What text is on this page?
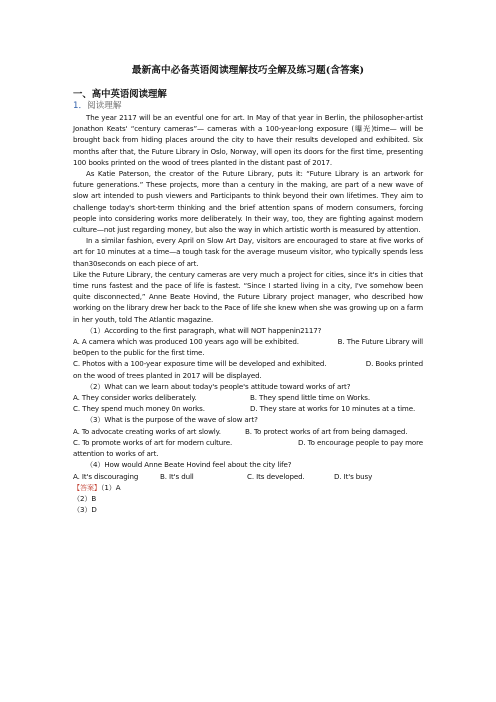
最新高中必备英语阅读理解技巧全解及练习题(含答案)
一、高中英语阅读理解
1．阅读理解

The year 2117 will be an eventful one for art. In May of that year in Berlin, the philosopher-artist Jonathon Keats' “century cameras”— cameras with a 100-year-long exposure (曝光)time— will be brought back from hiding places around the city to have their results developed and exhibited. Six months after that, the Future Library in Oslo, Norway, will open its doors for the first time, presenting 100 books printed on the wood of trees planted in the distant past of 2017.

As Katie Paterson, the creator of the Future Library, puts it: “Future Library is an artwork for future generations.” These projects, more than a century in the making, are part of a new wave of slow art intended to push viewers and Participants to think beyond their own lifetimes. They aim to challenge today's short-term thinking and the brief attention spans of modern consumers, forcing people into considering works more deliberately. In their way, too, they are fighting against modern culture—not just regarding money, but also the way in which artistic worth is measured by attention.

In a similar fashion, every April on Slow Art Day, visitors are encouraged to stare at five works of art for 10 minutes at a time—a tough task for the average museum visitor, who typically spends less than30seconds on each piece of art.

Like the Future Library, the century cameras are very much a project for cities, since it's in cities that time runs fastest and the pace of life is fastest. “Since I started living in a city, I've somehow been quite disconnected,” Anne Beate Hovind, the Future Library project manager, who described how working on the library drew her back to the Pace of life she knew when she was growing up on a farm in her youth, told The Atlantic magazine.

（1）According to the first paragraph, what will NOT happenin2117?

A. A camera which was produced 100 years ago will be exhibited.	B. The Future Library will

be0pen to the public for the first time.

C. Photos with a 100-year exposure time will be developed and exhibited.	D. Books printed

on the wood of trees planted in 2017 will be displayed.

（2）What can we learn about today's people's attitude toward works of art?

A. They consider works deliberately.	B. They spend little time on Works.
C. They spend much money 0n works.	D. They stare at works for 10 minutes at a time.

（3）What is the purpose of the wave of slow art?

A. To advocate creating works of art slowly.	B. To protect works of art from being damaged.
C. To promote works of art for modern culture.	D. To encourage people to pay more

attention to works of art.

（4）How would Anne Beate Hovind feel about the city life?

A. It's discouraging	B. It's dull	C. Its developed.	D. It's busy

【答案】（1）A

（2）B

（3）D
